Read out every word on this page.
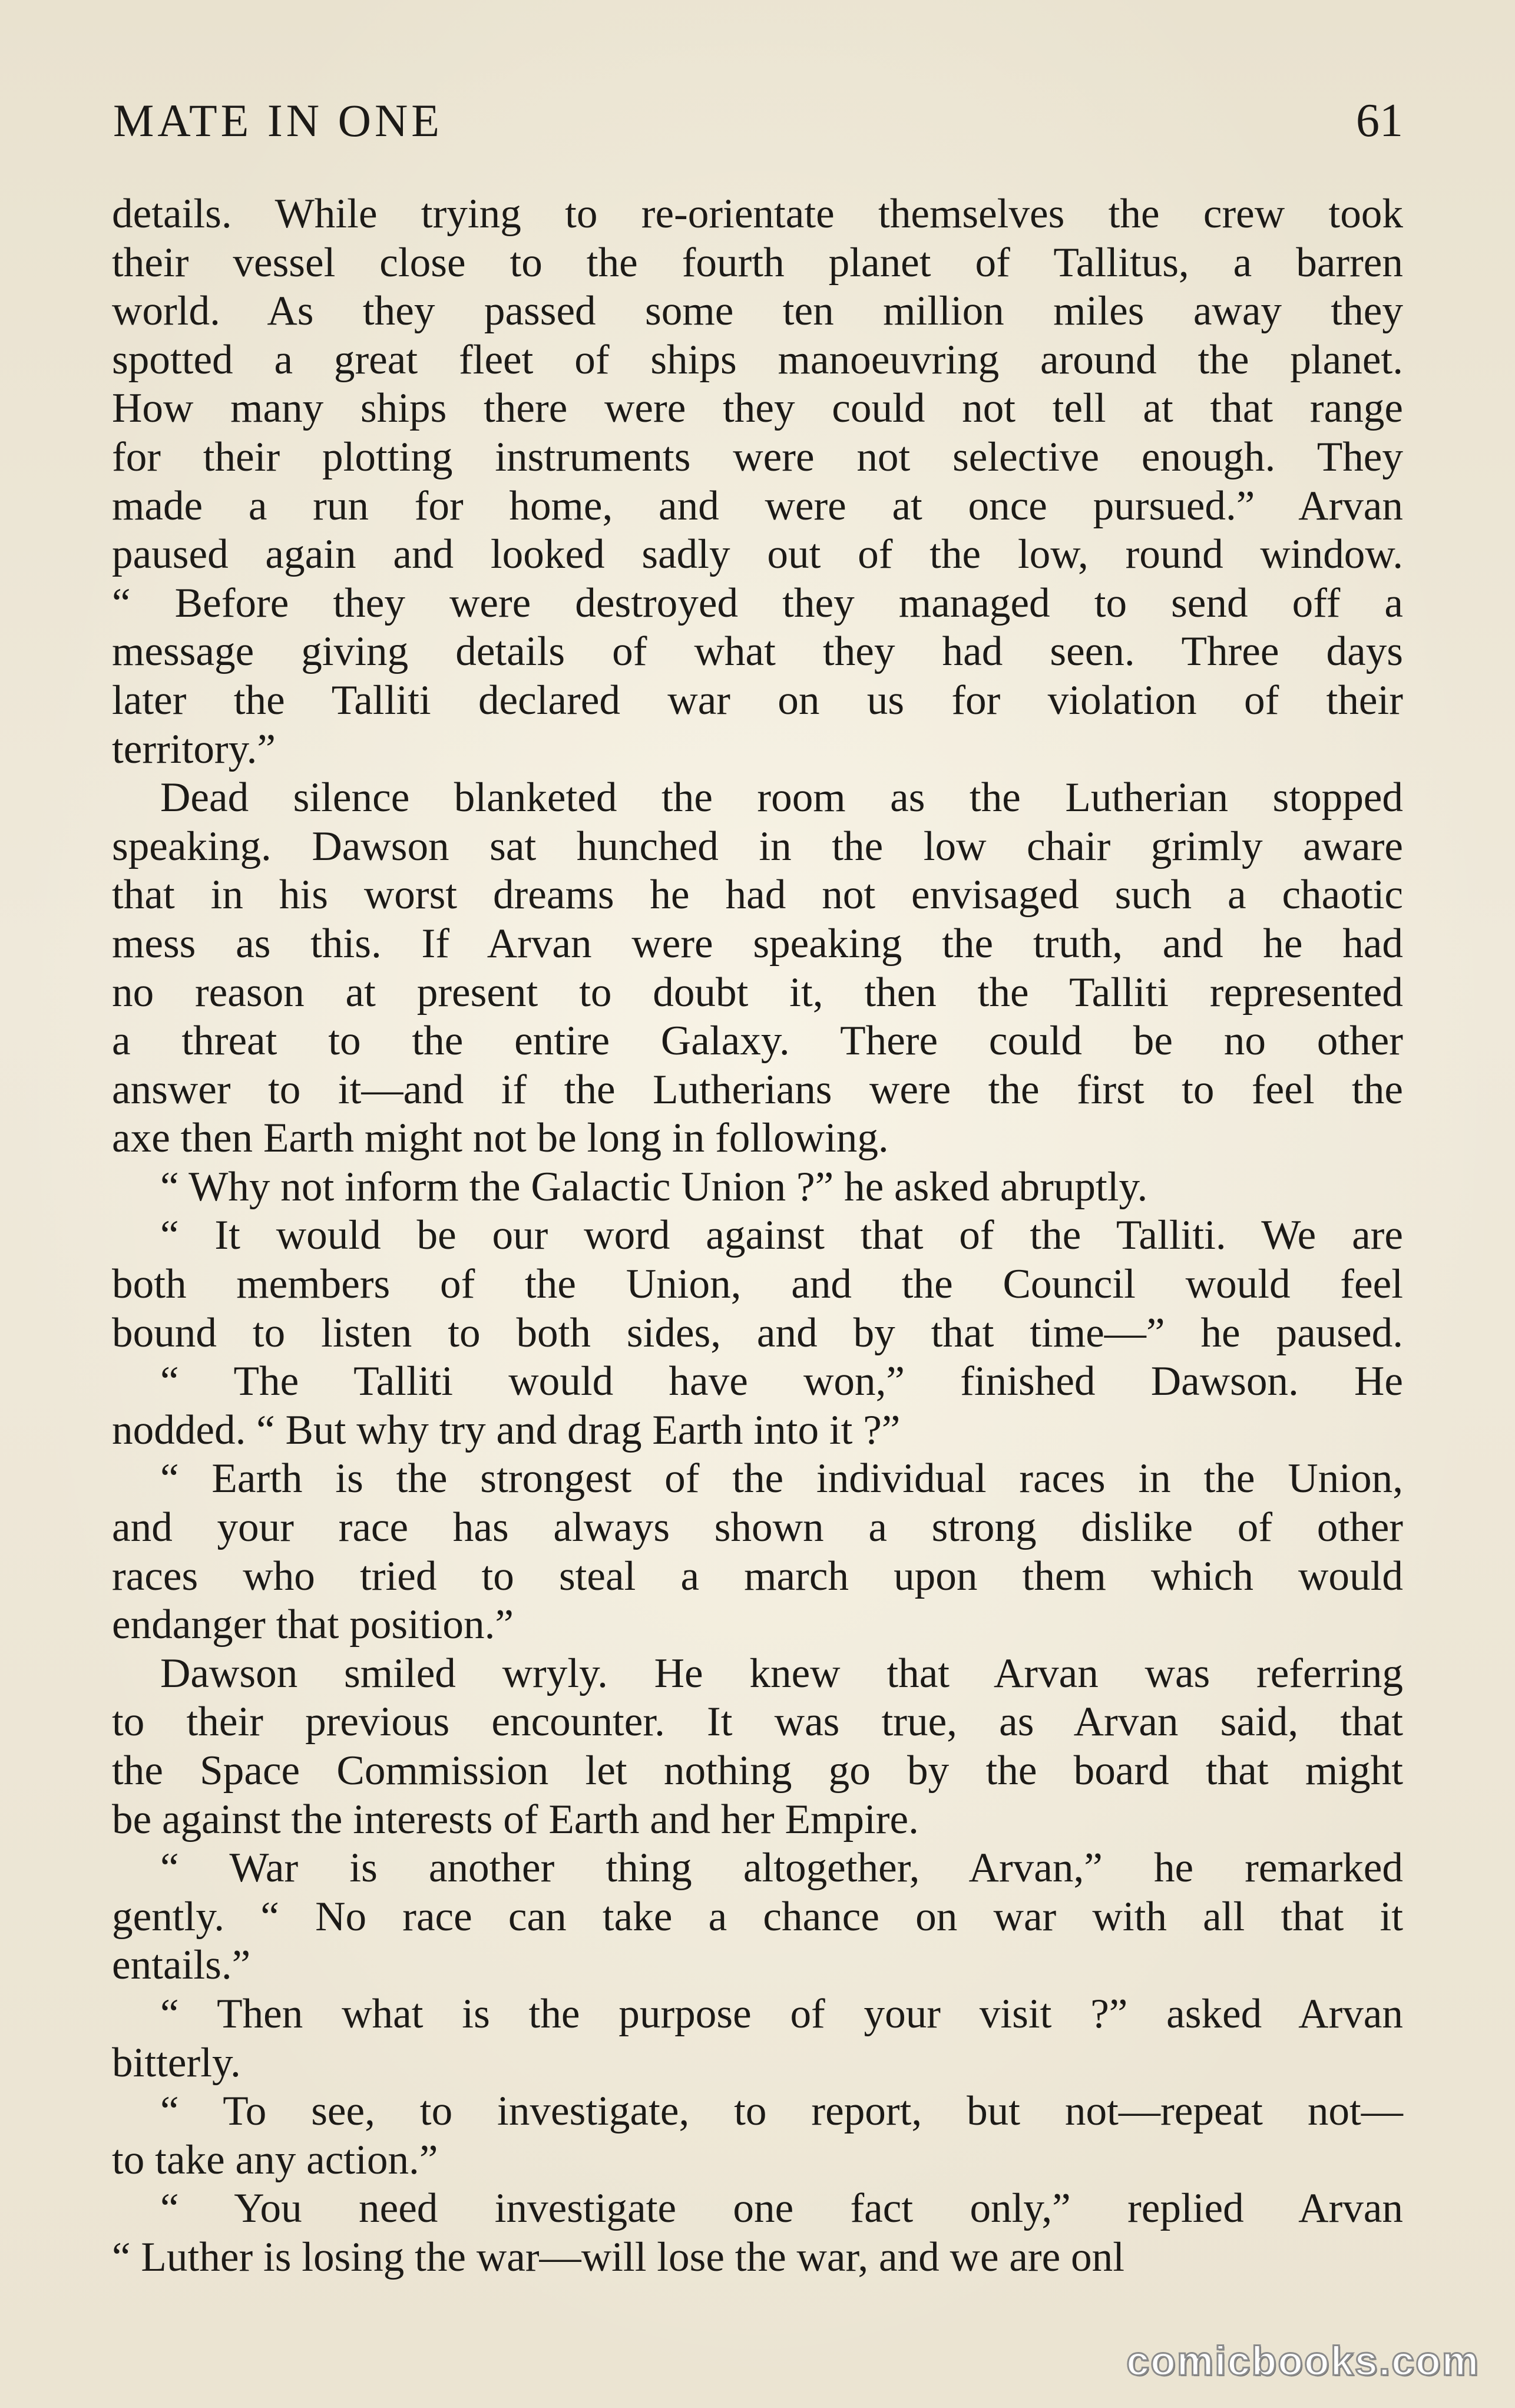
MATE IN ONE	61
details. While trying to re-orientate themselves the crew took
their vessel close to the fourth planet of Tallitus, a barren
world. As they passed some ten million miles away they
spotted a great fleet of ships manoeuvring around the planet.
How many ships there were they could not tell at that range
for their plotting instruments were not selective enough. They
made a run for home, and were at once pursued.” Arvan
paused again and looked sadly out of the low, round window.
“ Before they were destroyed they managed to send off a
message giving details of what they had seen. Three days
later the Talliti declared war on us for violation of their
territory.”
Dead silence blanketed the room as the Lutherian stopped
speaking. Dawson sat hunched in the low chair grimly aware
that in his worst dreams he had not envisaged such a chaotic
mess as this. If Arvan were speaking the truth, and he had
no reason at present to doubt it, then the Talliti represented
a threat to the entire Galaxy. There could be no other
answer to it—and if the Lutherians were the first to feel the
axe then Earth might not be long in following.
“ Why not inform the Galactic Union ?” he asked abruptly.
“ It would be our word against that of the Talliti. We are
both members of the Union, and the Council would feel
bound to listen to both sides, and by that time—” he paused.
“ The Talliti would have won,” finished Dawson. He
nodded. “ But why try and drag Earth into it ?”
“ Earth is the strongest of the individual races in the Union,
and your race has always shown a strong dislike of other
races who tried to steal a march upon them which would
endanger that position.”
Dawson smiled wryly. He knew that Arvan was referring
to their previous encounter. It was true, as Arvan said, that
the Space Commission let nothing go by the board that might
be against the interests of Earth and her Empire.
“ War is another thing altogether, Arvan,” he remarked
gently. “ No race can take a chance on war with all that it
entails.”
“ Then what is the purpose of your visit ?” asked Arvan
bitterly.
“ To see, to investigate, to report, but not—repeat not—
to take any action.”
“ You need investigate one fact only,” replied Arvan
“ Luther is losing the war—will lose the war, and we are onl
comicbooks.com
